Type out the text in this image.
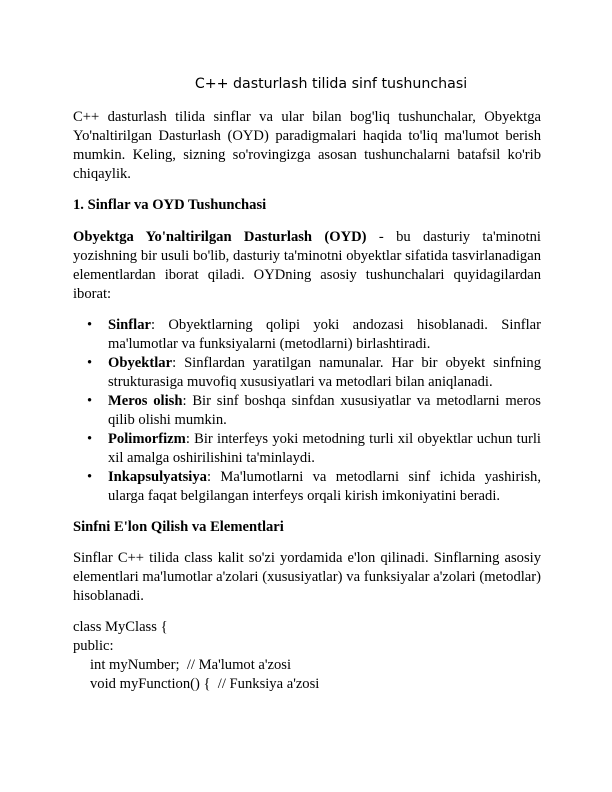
C++ dasturlash tilida sinf tushunchasi

C++ dasturlash tilida sinflar va ular bilan bog'liq tushunchalar, Obyektga Yo'naltirilgan Dasturlash (OYD) paradigmalari haqida to'liq ma'lumot berish mumkin. Keling, sizning so'rovingizga asosan tushunchalarni batafsil ko'rib chiqaylik.

1. Sinflar va OYD Tushunchasi

Obyektga Yo'naltirilgan Dasturlash (OYD) - bu dasturiy ta'minotni yozishning bir usuli bo'lib, dasturiy ta'minotni obyektlar sifatida tasvirlanadigan elementlardan iborat qiladi. OYDning asosiy tushunchalari quyidagilardan iborat:

• Sinflar: Obyektlarning qolipi yoki andozasi hisoblanadi. Sinflar ma'lumotlar va funksiyalarni (metodlarni) birlashtiradi.
• Obyektlar: Sinflardan yaratilgan namunalar. Har bir obyekt sinfning strukturasiga muvofiq xususiyatlari va metodlari bilan aniqlanadi.
• Meros olish: Bir sinf boshqa sinfdan xususiyatlar va metodlarni meros qilib olishi mumkin.
• Polimorfizm: Bir interfeys yoki metodning turli xil obyektlar uchun turli xil amalga oshirilishini ta'minlaydi.
• Inkapsulyatsiya: Ma'lumotlarni va metodlarni sinf ichida yashirish, ularga faqat belgilangan interfeys orqali kirish imkoniyatini beradi.
Sinfni E'lon Qilish va Elementlari

Sinflar C++ tilida class kalit so'zi yordamida e'lon qilinadi. Sinflarning asosiy elementlari ma'lumotlar a'zolari (xususiyatlar) va funksiyalar a'zolari (metodlar) hisoblanadi.

class MyClass {
public:
int myNumber;  // Ma'lumot a'zosi
void myFunction() {  // Funksiya a'zosi
